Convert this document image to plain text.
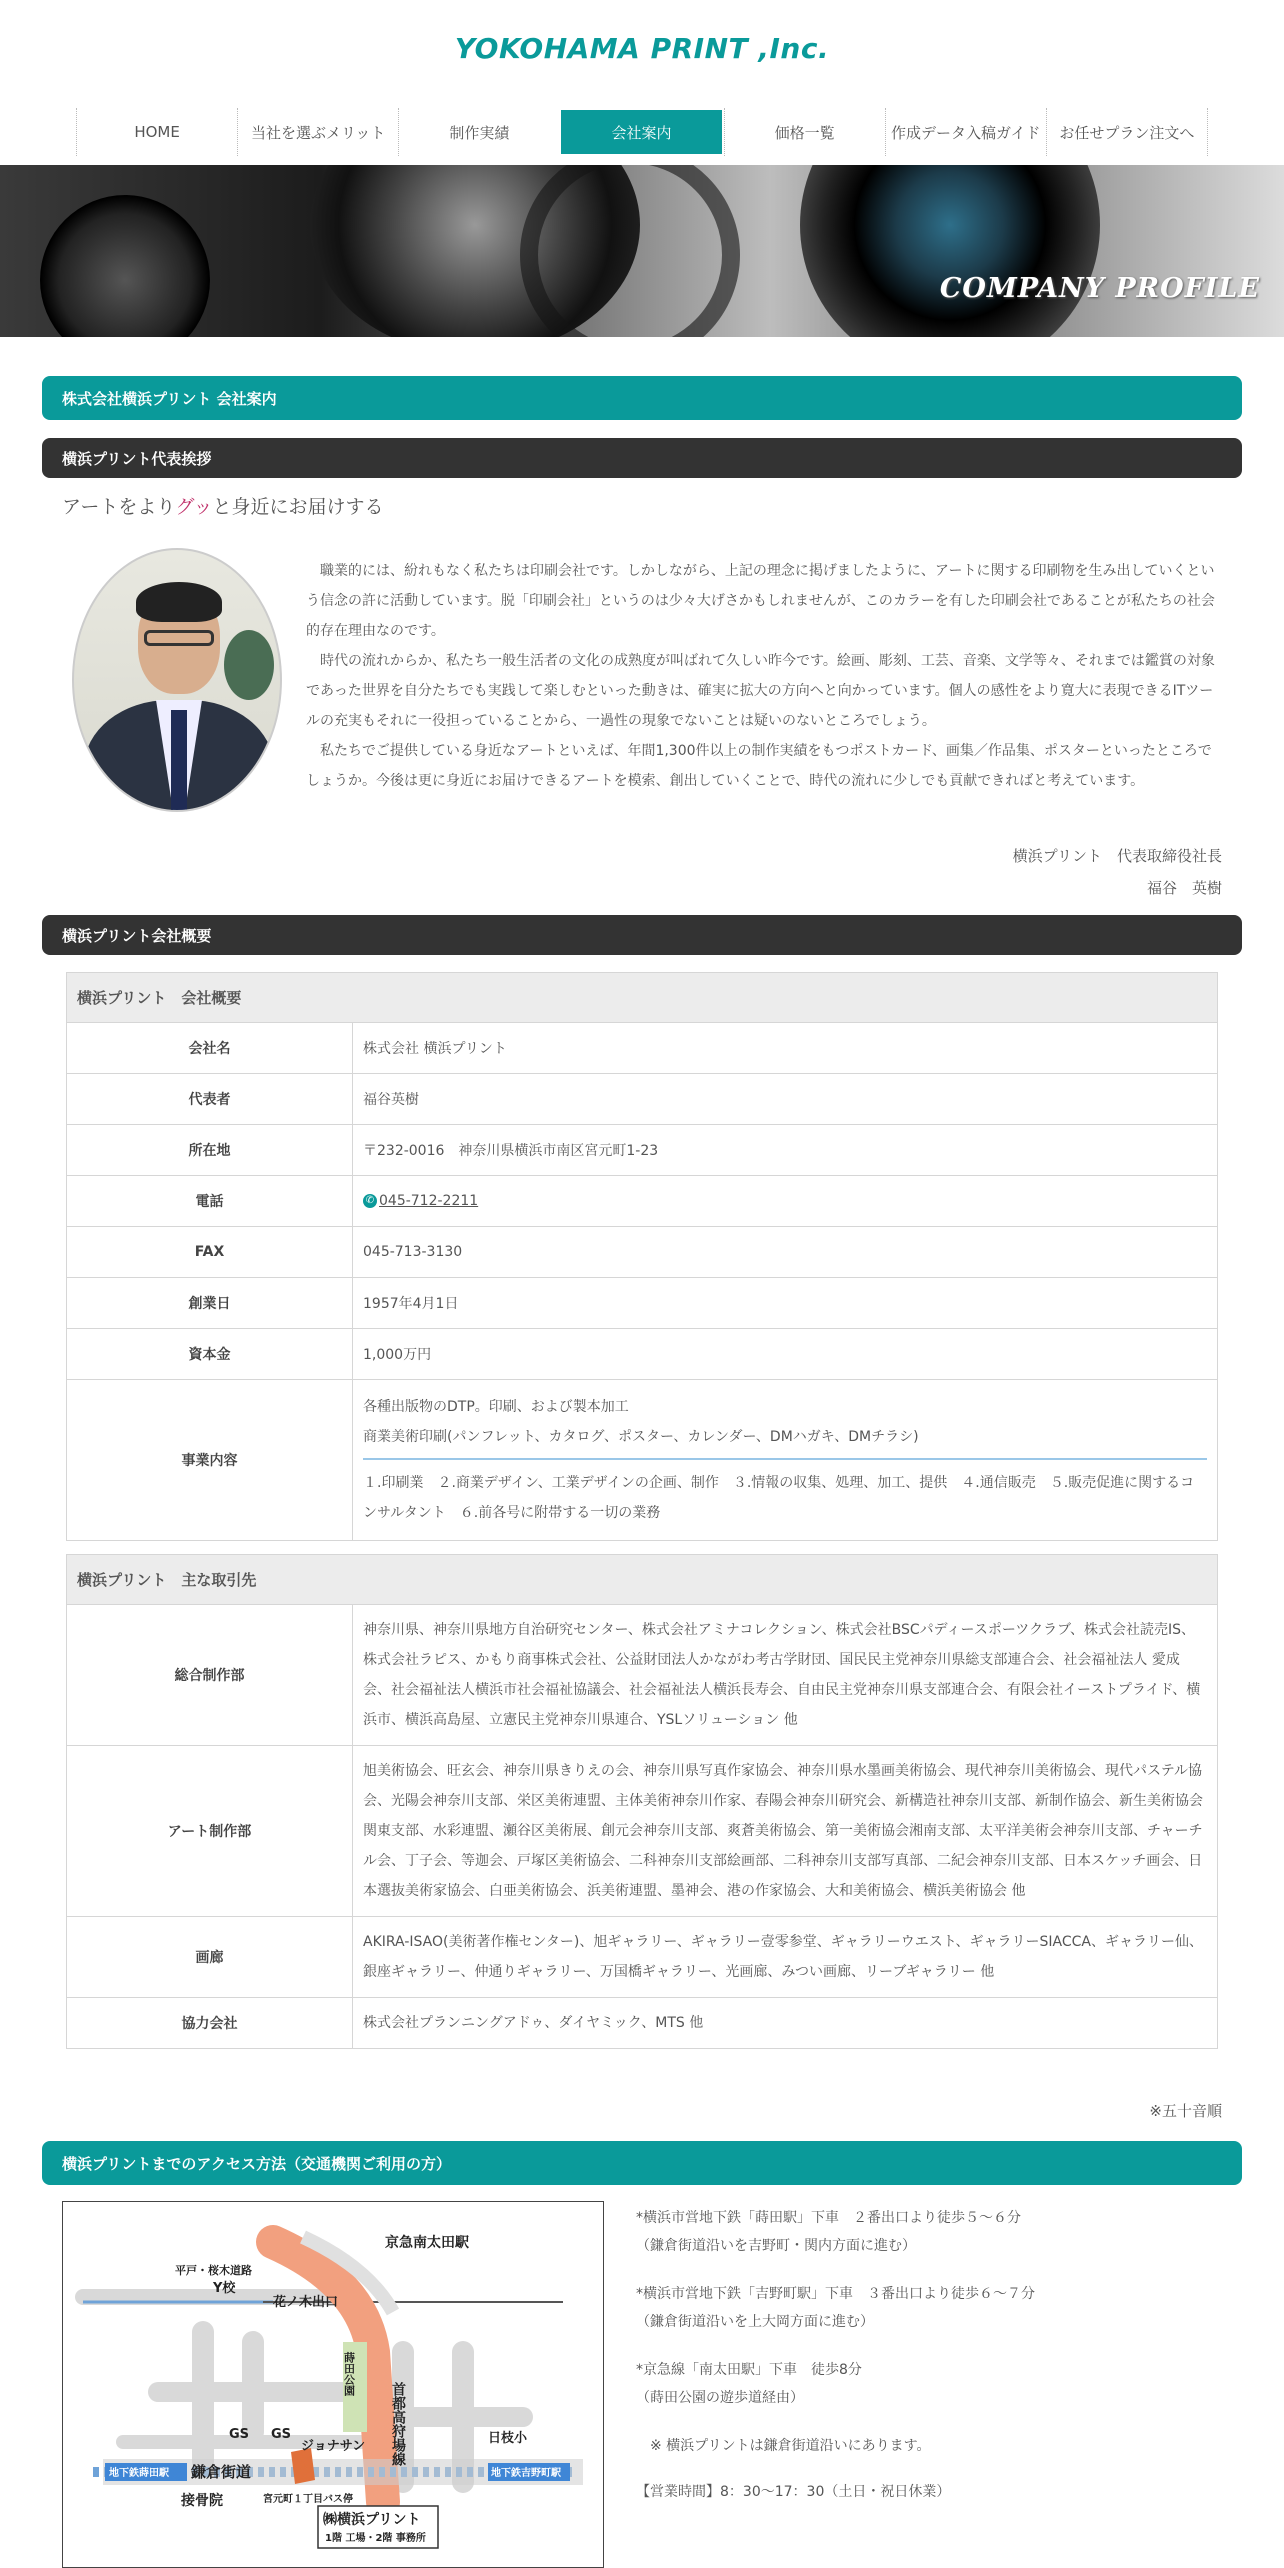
YOKOHAMA PRINT ,Inc.
HOME	当社を選ぶメリット	制作実績	会社案内	価格一覧	作成データ入稿ガイド	お任せプラン注文へ
COMPANY PROFILE
株式会社横浜プリント 会社案内
横浜プリント代表挨拶
アートをよりグッと身近にお届けする

職業的には、紛れもなく私たちは印刷会社です。しかしながら、上記の理念に掲げましたように、アートに関する印刷物を生み出していくという信念の許に活動しています。脱「印刷会社」というのは少々大げさかもしれませんが、このカラーを有した印刷会社であることが私たちの社会的存在理由なのです。

時代の流れからか、私たち一般生活者の文化の成熟度が叫ばれて久しい昨今です。絵画、彫刻、工芸、音楽、文学等々、それまでは鑑賞の対象であった世界を自分たちでも実践して楽しむといった動きは、確実に拡大の方向へと向かっています。個人の感性をより寛大に表現できるITツールの充実もそれに一役担っていることから、一過性の現象でないことは疑いのないところでしょう。

私たちでご提供している身近なアートといえば、年間1,300件以上の制作実績をもつポストカード、画集／作品集、ポスターといったところでしょうか。今後は更に身近にお届けできるアートを模索、創出していくことで、時代の流れに少しでも貢献できればと考えています。

横浜プリント　代表取締役社長
福谷　英樹
横浜プリント会社概要
横浜プリント　会社概要	
会社名	株式会社 横浜プリント
代表者	福谷英樹
所在地	〒232-0016　神奈川県横浜市南区宮元町1-23
電話	✆ 045-712-2211
FAX	045-713-3130
創業日	1957年4月1日
資本金	1,000万円
事業内容	各種出版物のDTP。印刷、および製本加工
商業美術印刷(パンフレット、カタログ、ポスター、カレンダー、DMハガキ、DMチラシ)
１.印刷業　２.商業デザイン、工業デザインの企画、制作　３.情報の収集、処理、加工、提供　４.通信販売　５.販売促進に関するコンサルタント　６.前各号に附帯する一切の業務
横浜プリント　主な取引先	
総合制作部	神奈川県、神奈川県地方自治研究センター、株式会社アミナコレクション、株式会社BSCパディースポーツクラブ、株式会社読売IS、株式会社ラピス、かもり商事株式会社、公益財団法人かながわ考古学財団、国民民主党神奈川県総支部連合会、社会福祉法人 愛成会、社会福祉法人横浜市社会福祉協議会、社会福祉法人横浜長寿会、自由民主党神奈川県支部連合会、有限会社イーストプライド、横浜市、横浜高島屋、立憲民主党神奈川県連合、YSLソリューション 他
アート制作部	旭美術協会、旺玄会、神奈川県きりえの会、神奈川県写真作家協会、神奈川県水墨画美術協会、現代神奈川美術協会、現代パステル協会、光陽会神奈川支部、栄区美術連盟、主体美術神奈川作家、春陽会神奈川研究会、新構造社神奈川支部、新制作協会、新生美術協会関東支部、水彩連盟、瀬谷区美術展、創元会神奈川支部、爽蒼美術協会、第一美術協会湘南支部、太平洋美術会神奈川支部、チャーチル会、丁子会、等迦会、戸塚区美術協会、二科神奈川支部絵画部、二科神奈川支部写真部、二紀会神奈川支部、日本スケッチ画会、日本選抜美術家協会、白亜美術協会、浜美術連盟、墨神会、港の作家協会、大和美術協会、横浜美術協会 他
画廊	AKIRA-ISAO(美術著作権センター)、旭ギャラリー、ギャラリー壹零参堂、ギャラリーウエスト、ギャラリーSIACCA、ギャラリー仙、銀座ギャラリー、仲通りギャラリー、万国橋ギャラリー、光画廊、みつい画廊、リーブギャラリー 他
協力会社	株式会社プランニングアドゥ、ダイヤミック、MTS 他
※五十音順
横浜プリントまでのアクセス方法（交通機関ご利用の方）
京急南太田駅
平戸・桜木道路
Y校
花ノ木出口
蒔田公園
首都高狩場線
GS GS
ジョナサン
日枝小
地下鉄蒔田駅 鎌倉街道	地下鉄吉野町駅
接骨院	宮元町１丁目バス停
㈱横浜プリント
1階 工場・2階 事務所
*横浜市営地下鉄「蒔田駅」下車　２番出口より徒歩５～６分
（鎌倉街道沿いを吉野町・関内方面に進む）
*横浜市営地下鉄「吉野町駅」下車　３番出口より徒歩６～７分
（鎌倉街道沿いを上大岡方面に進む）
*京急線「南太田駅」下車　徒歩8分
（蒔田公園の遊歩道経由）
※ 横浜プリントは鎌倉街道沿いにあります。
【営業時間】8：30〜17：30（土日・祝日休業）
